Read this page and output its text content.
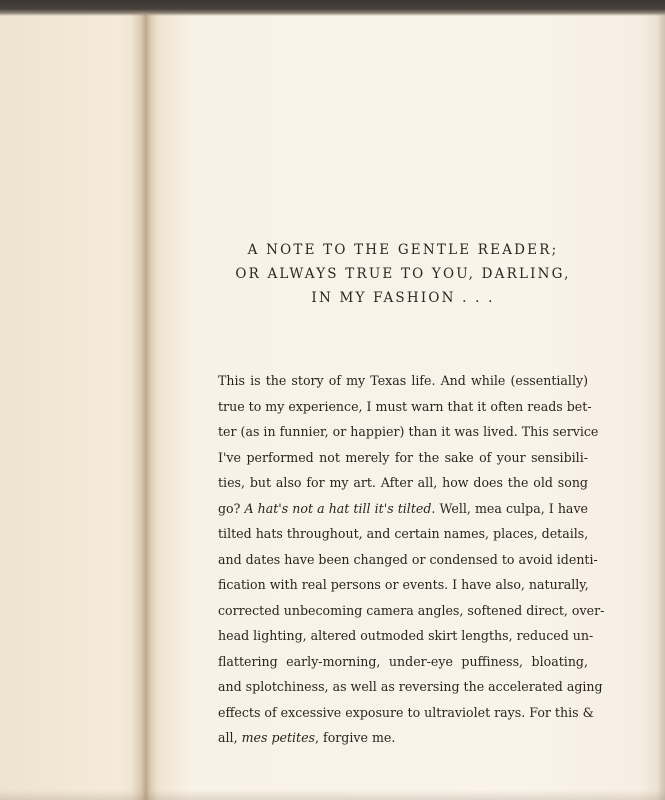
A NOTE TO THE GENTLE READER;
OR ALWAYS TRUE TO YOU, DARLING,
IN MY FASHION . . .
This is the story of my Texas life. And while (essentially)
true to my experience, I must warn that it often reads bet-
ter (as in funnier, or happier) than it was lived. This service
I've performed not merely for the sake of your sensibili-
ties, but also for my art. After all, how does the old song
go? A hat's not a hat till it's tilted. Well, mea culpa, I have
tilted hats throughout, and certain names, places, details,
and dates have been changed or condensed to avoid identi-
fication with real persons or events. I have also, naturally,
corrected unbecoming camera angles, softened direct, over-
head lighting, altered outmoded skirt lengths, reduced un-
flattering early-morning, under-eye puffiness, bloating,
and splotchiness, as well as reversing the accelerated aging
effects of excessive exposure to ultraviolet rays. For this &
all, mes petites, forgive me.
